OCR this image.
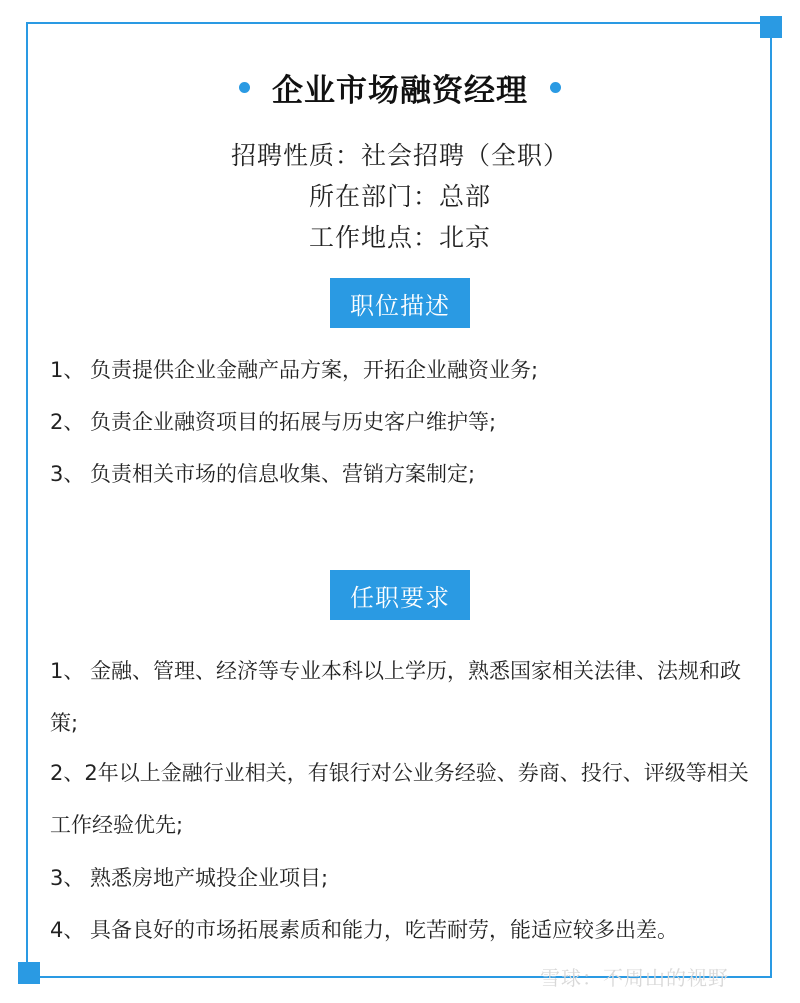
企业市场融资经理
招聘性质：社会招聘（全职）
所在部门：总部
工作地点：北京
职位描述
1、 负责提供企业金融产品方案，开拓企业融资业务;
2、 负责企业融资项目的拓展与历史客户维护等;
3、 负责相关市场的信息收集、营销方案制定;
任职要求
1、 金融、管理、经济等专业本科以上学历，熟悉国家相关法律、法规和政策;
2、2年以上金融行业相关，有银行对公业务经验、券商、投行、评级等相关工作经验优先;
3、 熟悉房地产城投企业项目;
4、 具备良好的市场拓展素质和能力，吃苦耐劳，能适应较多出差。
雪球：不周山的视野
